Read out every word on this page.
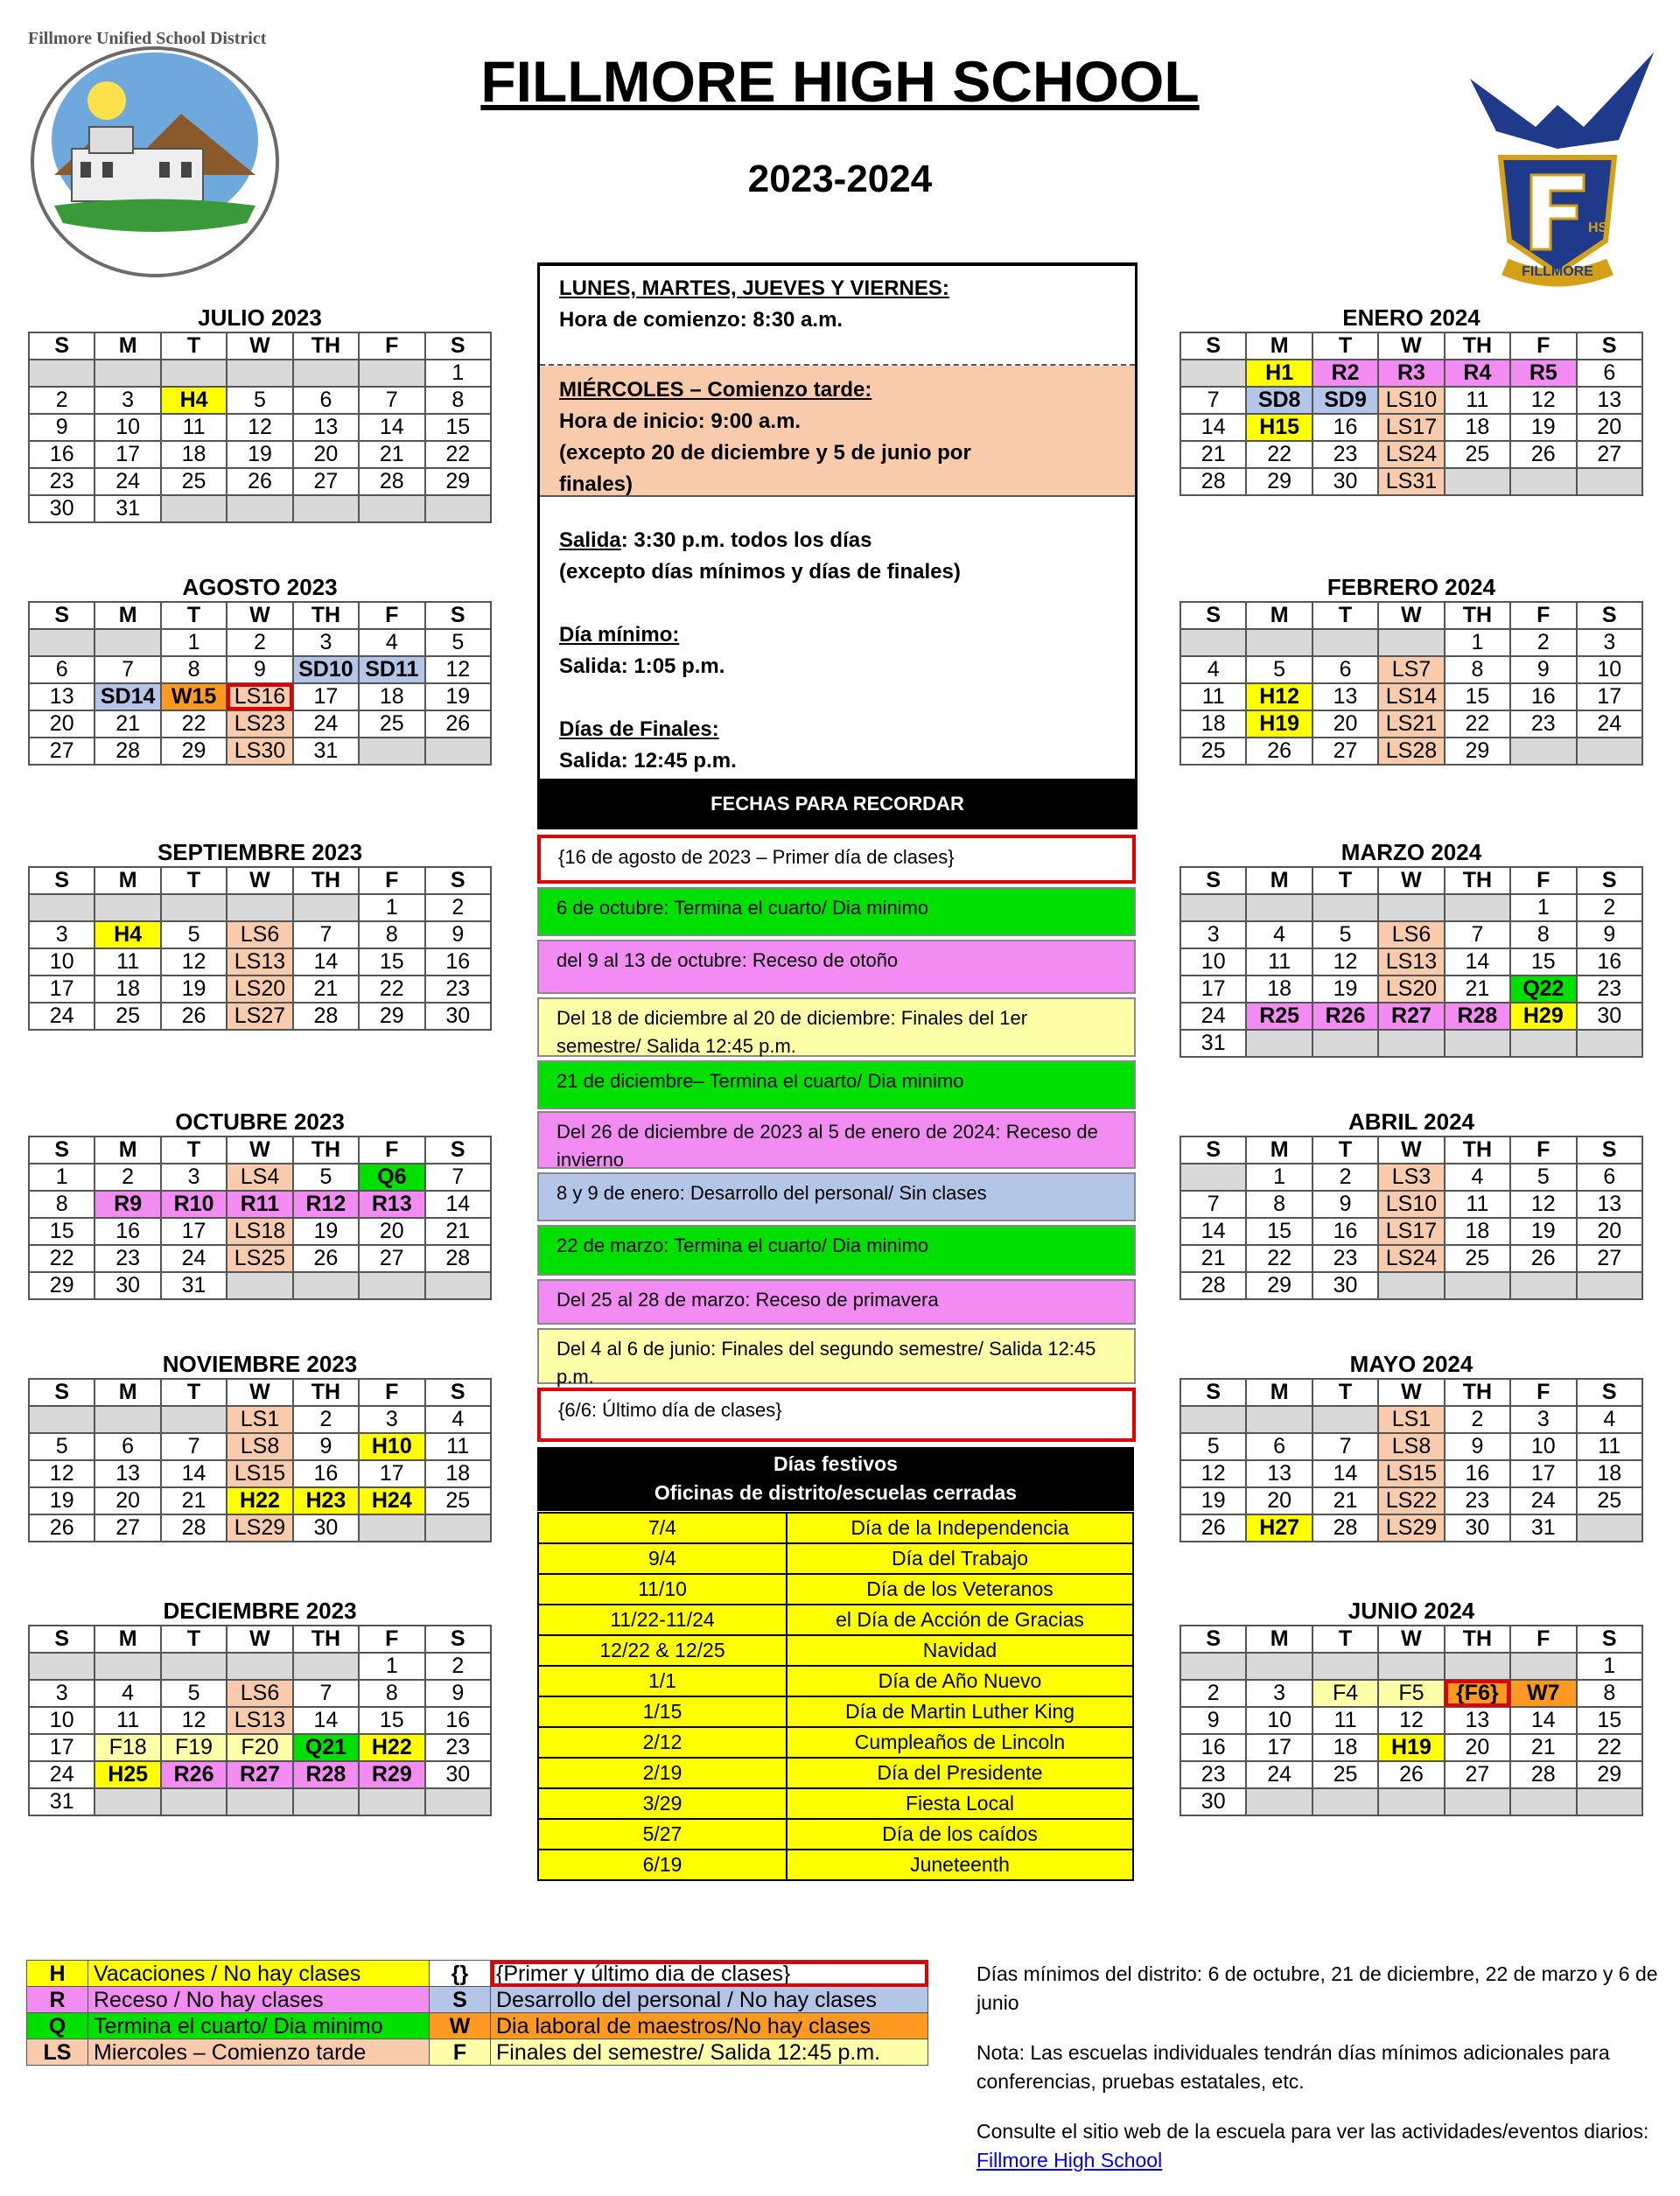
FILLMORE HIGH SCHOOL
2023-2024
Fillmore Unified School District
HS
FILLMORE
JULIO 2023
S	M	T	W	TH	F	S
						1
2	3	H4	5	6	7	8
9	10	11	12	13	14	15
16	17	18	19	20	21	22
23	24	25	26	27	28	29
30	31					
AGOSTO 2023
S	M	T	W	TH	F	S
		1	2	3	4	5
6	7	8	9	SD10	SD11	12
13	SD14	W15	LS16	17	18	19
20	21	22	LS23	24	25	26
27	28	29	LS30	31		
SEPTIEMBRE 2023
S	M	T	W	TH	F	S
					1	2
3	H4	5	LS6	7	8	9
10	11	12	LS13	14	15	16
17	18	19	LS20	21	22	23
24	25	26	LS27	28	29	30
OCTUBRE 2023
S	M	T	W	TH	F	S
1	2	3	LS4	5	Q6	7
8	R9	R10	R11	R12	R13	14
15	16	17	LS18	19	20	21
22	23	24	LS25	26	27	28
29	30	31				
NOVIEMBRE 2023
S	M	T	W	TH	F	S
			LS1	2	3	4
5	6	7	LS8	9	H10	11
12	13	14	LS15	16	17	18
19	20	21	H22	H23	H24	25
26	27	28	LS29	30		
DECIEMBRE 2023
S	M	T	W	TH	F	S
					1	2
3	4	5	LS6	7	8	9
10	11	12	LS13	14	15	16
17	F18	F19	F20	Q21	H22	23
24	H25	R26	R27	R28	R29	30
31						
ENERO 2024
S	M	T	W	TH	F	S
	H1	R2	R3	R4	R5	6
7	SD8	SD9	LS10	11	12	13
14	H15	16	LS17	18	19	20
21	22	23	LS24	25	26	27
28	29	30	LS31			
FEBRERO 2024
S	M	T	W	TH	F	S
				1	2	3
4	5	6	LS7	8	9	10
11	H12	13	LS14	15	16	17
18	H19	20	LS21	22	23	24
25	26	27	LS28	29		
MARZO 2024
S	M	T	W	TH	F	S
					1	2
3	4	5	LS6	7	8	9
10	11	12	LS13	14	15	16
17	18	19	LS20	21	Q22	23
24	R25	R26	R27	R28	H29	30
31						
ABRIL 2024
S	M	T	W	TH	F	S
	1	2	LS3	4	5	6
7	8	9	LS10	11	12	13
14	15	16	LS17	18	19	20
21	22	23	LS24	25	26	27
28	29	30				
MAYO 2024
S	M	T	W	TH	F	S
			LS1	2	3	4
5	6	7	LS8	9	10	11
12	13	14	LS15	16	17	18
19	20	21	LS22	23	24	25
26	H27	28	LS29	30	31	
JUNIO 2024
S	M	T	W	TH	F	S
						1
2	3	F4	F5	{F6}	W7	8
9	10	11	12	13	14	15
16	17	18	H19	20	21	22
23	24	25	26	27	28	29
30						
LUNES, MARTES, JUEVES Y VIERNES:
Hora de comienzo: 8:30 a.m.
MIÉRCOLES – Comienzo tarde:
Hora de inicio: 9:00 a.m.
(excepto 20 de diciembre y 5 de junio por finales)
Salida: 3:30 p.m. todos los días
(excepto días mínimos y días de finales)
Día mínimo:
Salida: 1:05 p.m.
Días de Finales:
Salida: 12:45 p.m.
FECHAS PARA RECORDAR
{16 de agosto de 2023 – Primer día de clases}
6 de octubre: Termina el cuarto/ Dia minimo
del 9 al 13 de octubre: Receso de otoño
Del 18 de diciembre al 20 de diciembre: Finales del 1er semestre/ Salida 12:45 p.m.
21 de diciembre– Termina el cuarto/ Dia minimo
Del 26 de diciembre de 2023 al 5 de enero de 2024: Receso de invierno
8 y 9 de enero: Desarrollo del personal/ Sin clases
22 de marzo: Termina el cuarto/ Dia minimo
Del 25 al 28 de marzo: Receso de primavera
Del 4 al 6 de junio: Finales del segundo semestre/ Salida 12:45 p.m.
{6/6: Último día de clases}
Días festivos
Oficinas de distrito/escuelas cerradas
7/4	Día de la Independencia
9/4	Día del Trabajo
11/10	Día de los Veteranos
11/22-11/24	el Día de Acción de Gracias
12/22 & 12/25	Navidad
1/1	Día de Año Nuevo
1/15	Día de Martin Luther King
2/12	Cumpleaños de Lincoln
2/19	Día del Presidente
3/29	Fiesta Local
5/27	Día de los caídos
6/19	Juneteenth
H	Vacaciones / No hay clases	{}	{Primer y último dia de clases}
R	Receso / No hay clases	S	Desarrollo del personal / No hay clases
Q	Termina el cuarto/ Dia minimo	W	Dia laboral de maestros/No hay clases
LS	Miercoles – Comienzo tarde	F	Finales del semestre/ Salida 12:45 p.m.

Días mínimos del distrito: 6 de octubre, 21 de diciembre, 22 de marzo y 6 de junio

Nota: Las escuelas individuales tendrán días mínimos adicionales para conferencias, pruebas estatales, etc.

Consulte el sitio web de la escuela para ver las actividades/eventos diarios: Fillmore High School
